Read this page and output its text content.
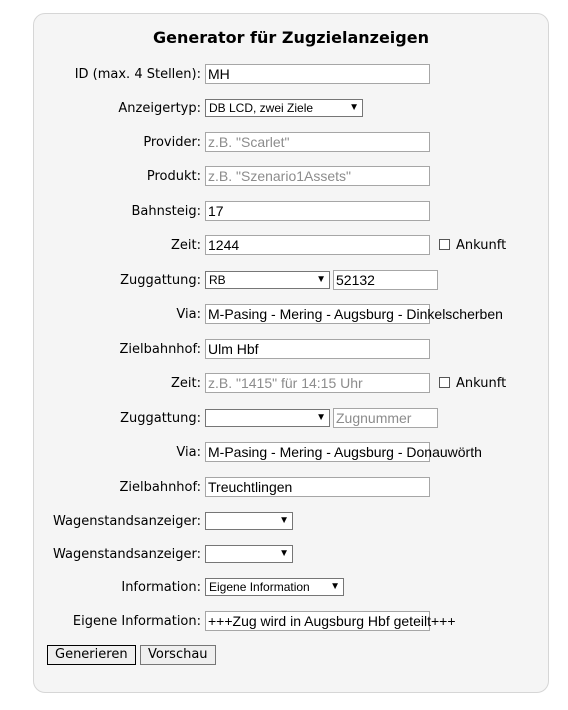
Generator für Zugzielanzeigen
ID (max. 4 Stellen): MH
Anzeigertyp: DB LCD, zwei Ziele	▼
Provider: z.B. "Scarlet"
Produkt: z.B. "Szenario1Assets"
Bahnsteig: 17
Zeit: 1244	Ankunft
Zuggattung: RB	▼ 52132
Via: M-Pasing - Mering - Augsburg - Dinkelscherben
Zielbahnhof: Ulm Hbf
Zeit: z.B. "1415" für 14:15 Uhr	Ankunft
Zuggattung:	▼ Zugnummer
Via: M-Pasing - Mering - Augsburg - Donauwörth
Zielbahnhof: Treuchtlingen
Wagenstandsanzeiger:	▼
Wagenstandsanzeiger:	▼
Information: Eigene Information ▼
Eigene Information: +++Zug wird in Augsburg Hbf geteilt+++
Generieren	Vorschau
